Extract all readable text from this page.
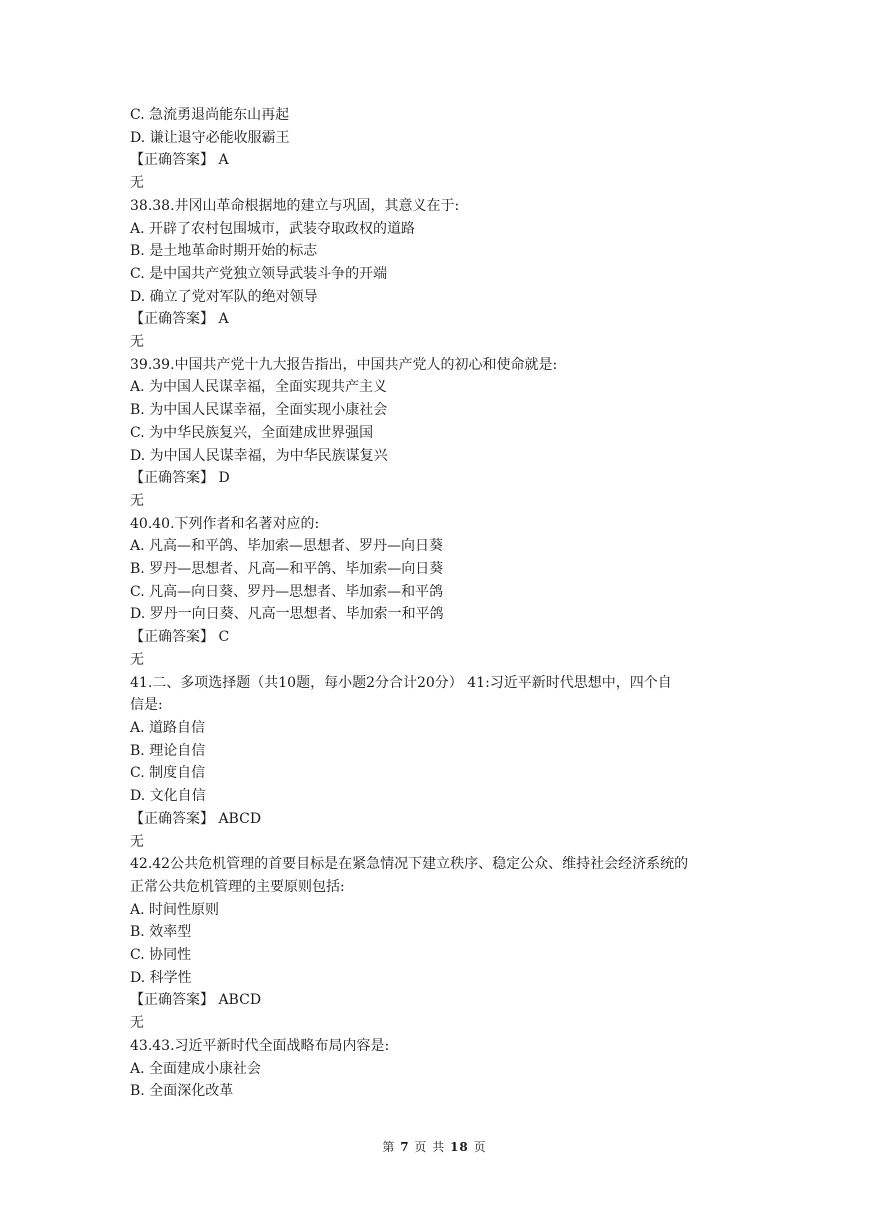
C. 急流勇退尚能东山再起
D. 谦让退守必能收服霸王
【正确答案】 A
无
38.38.井冈山革命根据地的建立与巩固，其意义在于:
A. 开辟了农村包围城市，武装夺取政权的道路
B. 是土地革命时期开始的标志
C. 是中国共产党独立领导武装斗争的开端
D. 确立了党对军队的绝对领导
【正确答案】 A
无
39.39.中国共产党十九大报告指出，中国共产党人的初心和使命就是:
A. 为中国人民谋幸福，全面实现共产主义
B. 为中国人民谋幸福，全面实现小康社会
C. 为中华民族复兴，全面建成世界强国
D. 为中国人民谋幸福，为中华民族谋复兴
【正确答案】 D
无
40.40.下列作者和名著对应的:
A. 凡高—和平鸽、毕加索—思想者、罗丹—向日葵
B. 罗丹—思想者、凡高—和平鸽、毕加索—向日葵
C. 凡高—向日葵、罗丹—思想者、毕加索—和平鸽
D. 罗丹一向日葵、凡高一思想者、毕加索一和平鸽
【正确答案】 C
无
41.二、多项选择题（共10题，每小题2分合计20分） 41:习近平新时代思想中，四个自
信是:
A. 道路自信
B. 理论自信
C. 制度自信
D. 文化自信
【正确答案】 ABCD
无
42.42公共危机管理的首要目标是在紧急情况下建立秩序、稳定公众、维持社会经济系统的
正常公共危机管理的主要原则包括:
A. 时间性原则
B. 效率型
C. 协同性
D. 科学性
【正确答案】 ABCD
无
43.43.习近平新时代全面战略布局内容是:
A. 全面建成小康社会
B. 全面深化改革
第 7 页 共 18 页
